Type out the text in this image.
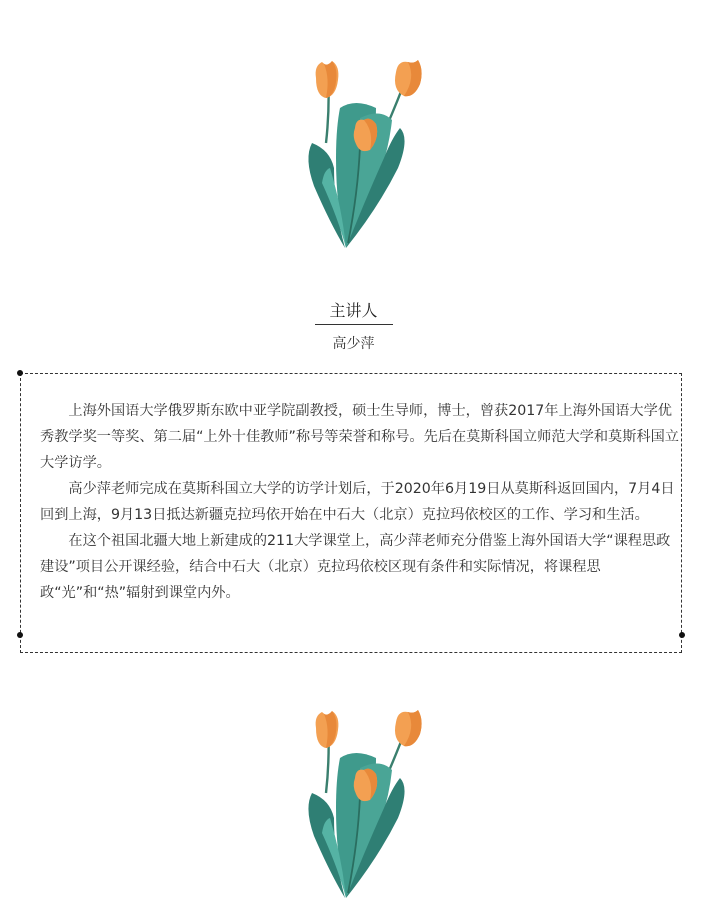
主讲人
高少萍

上海外国语大学俄罗斯东欧中亚学院副教授，硕士生导师，博士，曾获2017年上海外国语大学优秀教学奖一等奖、第二届“上外十佳教师”称号等荣誉和称号。先后在莫斯科国立师范大学和莫斯科国立大学访学。

高少萍老师完成在莫斯科国立大学的访学计划后，于2020年6月19日从莫斯科返回国内，7月4日回到上海，9月13日抵达新疆克拉玛依开始在中石大（北京）克拉玛依校区的工作、学习和生活。

在这个祖国北疆大地上新建成的211大学课堂上，高少萍老师充分借鉴上海外国语大学“课程思政建设”项目公开课经验，结合中石大（北京）克拉玛依校区现有条件和实际情况，将课程思政“光”和“热”辐射到课堂内外。
